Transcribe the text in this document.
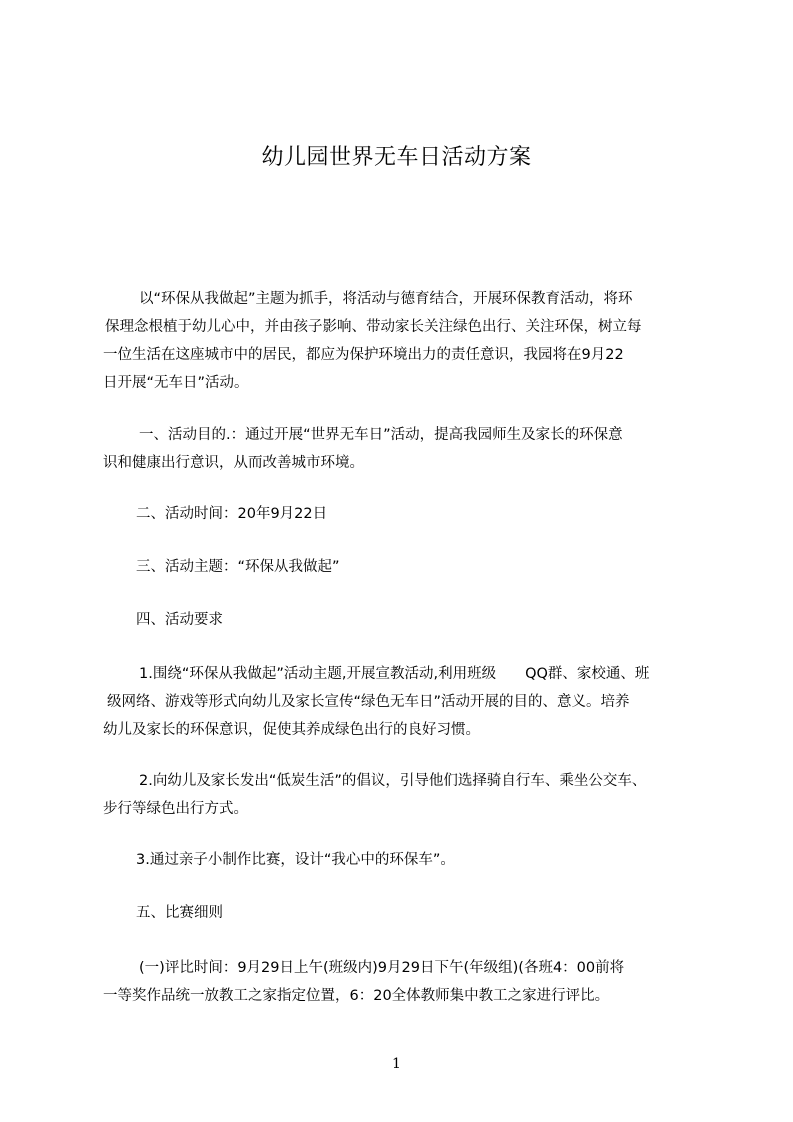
幼儿园世界无车日活动方案
以“环保从我做起”主题为抓手，将活动与德育结合，开展环保教育活动，将环
保理念根植于幼儿心中，并由孩子影响、带动家长关注绿色出行、关注环保，树立每
一位生活在这座城市中的居民，都应为保护环境出力的责任意识，我园将在9月22
日开展“无车日”活动。
一、活动目的.：通过开展“世界无车日”活动，提高我园师生及家长的环保意
识和健康出行意识，从而改善城市环境。
二、活动时间：20年9月22日
三、活动主题：“环保从我做起”
四、活动要求
1.围绕“环保从我做起”活动主题,开展宣教活动,利用班级　　QQ群、家校通、班
级网络、游戏等形式向幼儿及家长宣传“绿色无车日”活动开展的目的、意义。培养
幼儿及家长的环保意识，促使其养成绿色出行的良好习惯。
2.向幼儿及家长发出“低炭生活”的倡议，引导他们选择骑自行车、乘坐公交车、
步行等绿色出行方式。
3.通过亲子小制作比赛，设计“我心中的环保车”。
五、比赛细则
(一)评比时间：9月29日上午(班级内)9月29日下午(年级组)(各班4：00前将
一等奖作品统一放教工之家指定位置，6：20全体教师集中教工之家进行评比。
1
